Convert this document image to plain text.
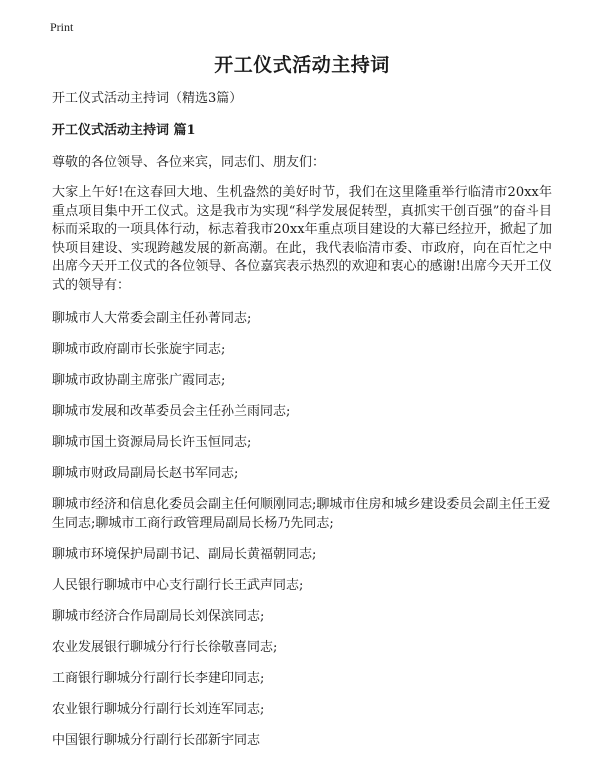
Print
开工仪式活动主持词

开工仪式活动主持词（精选3篇）

开工仪式活动主持词 篇1

尊敬的各位领导、各位来宾，同志们、朋友们：

大家上午好!在这春回大地、生机盎然的美好时节，我们在这里隆重举行临清市20xx年重点项目集中开工仪式。这是我市为实现“科学发展促转型，真抓实干创百强”的奋斗目标而采取的一项具体行动，标志着我市20xx年重点项目建设的大幕已经拉开，掀起了加快项目建设、实现跨越发展的新高潮。在此，我代表临清市委、市政府，向在百忙之中出席今天开工仪式的各位领导、各位嘉宾表示热烈的欢迎和衷心的感谢!出席今天开工仪式的领导有：

聊城市人大常委会副主任孙菁同志;
聊城市政府副市长张旋宇同志;
聊城市政协副主席张广霞同志;
聊城市发展和改革委员会主任孙兰雨同志;
聊城市国土资源局局长许玉恒同志;
聊城市财政局副局长赵书军同志;
聊城市经济和信息化委员会副主任何顺刚同志;聊城市住房和城乡建设委员会副主任王爱生同志;聊城市工商行政管理局副局长杨乃先同志;
聊城市环境保护局副书记、副局长黄福朝同志;
人民银行聊城市中心支行副行长王武声同志;
聊城市经济合作局副局长刘保滨同志;
农业发展银行聊城分行行长徐敬喜同志;
工商银行聊城分行副行长李建印同志;
农业银行聊城分行副行长刘连军同志;
中国银行聊城分行副行长邵新宇同志
